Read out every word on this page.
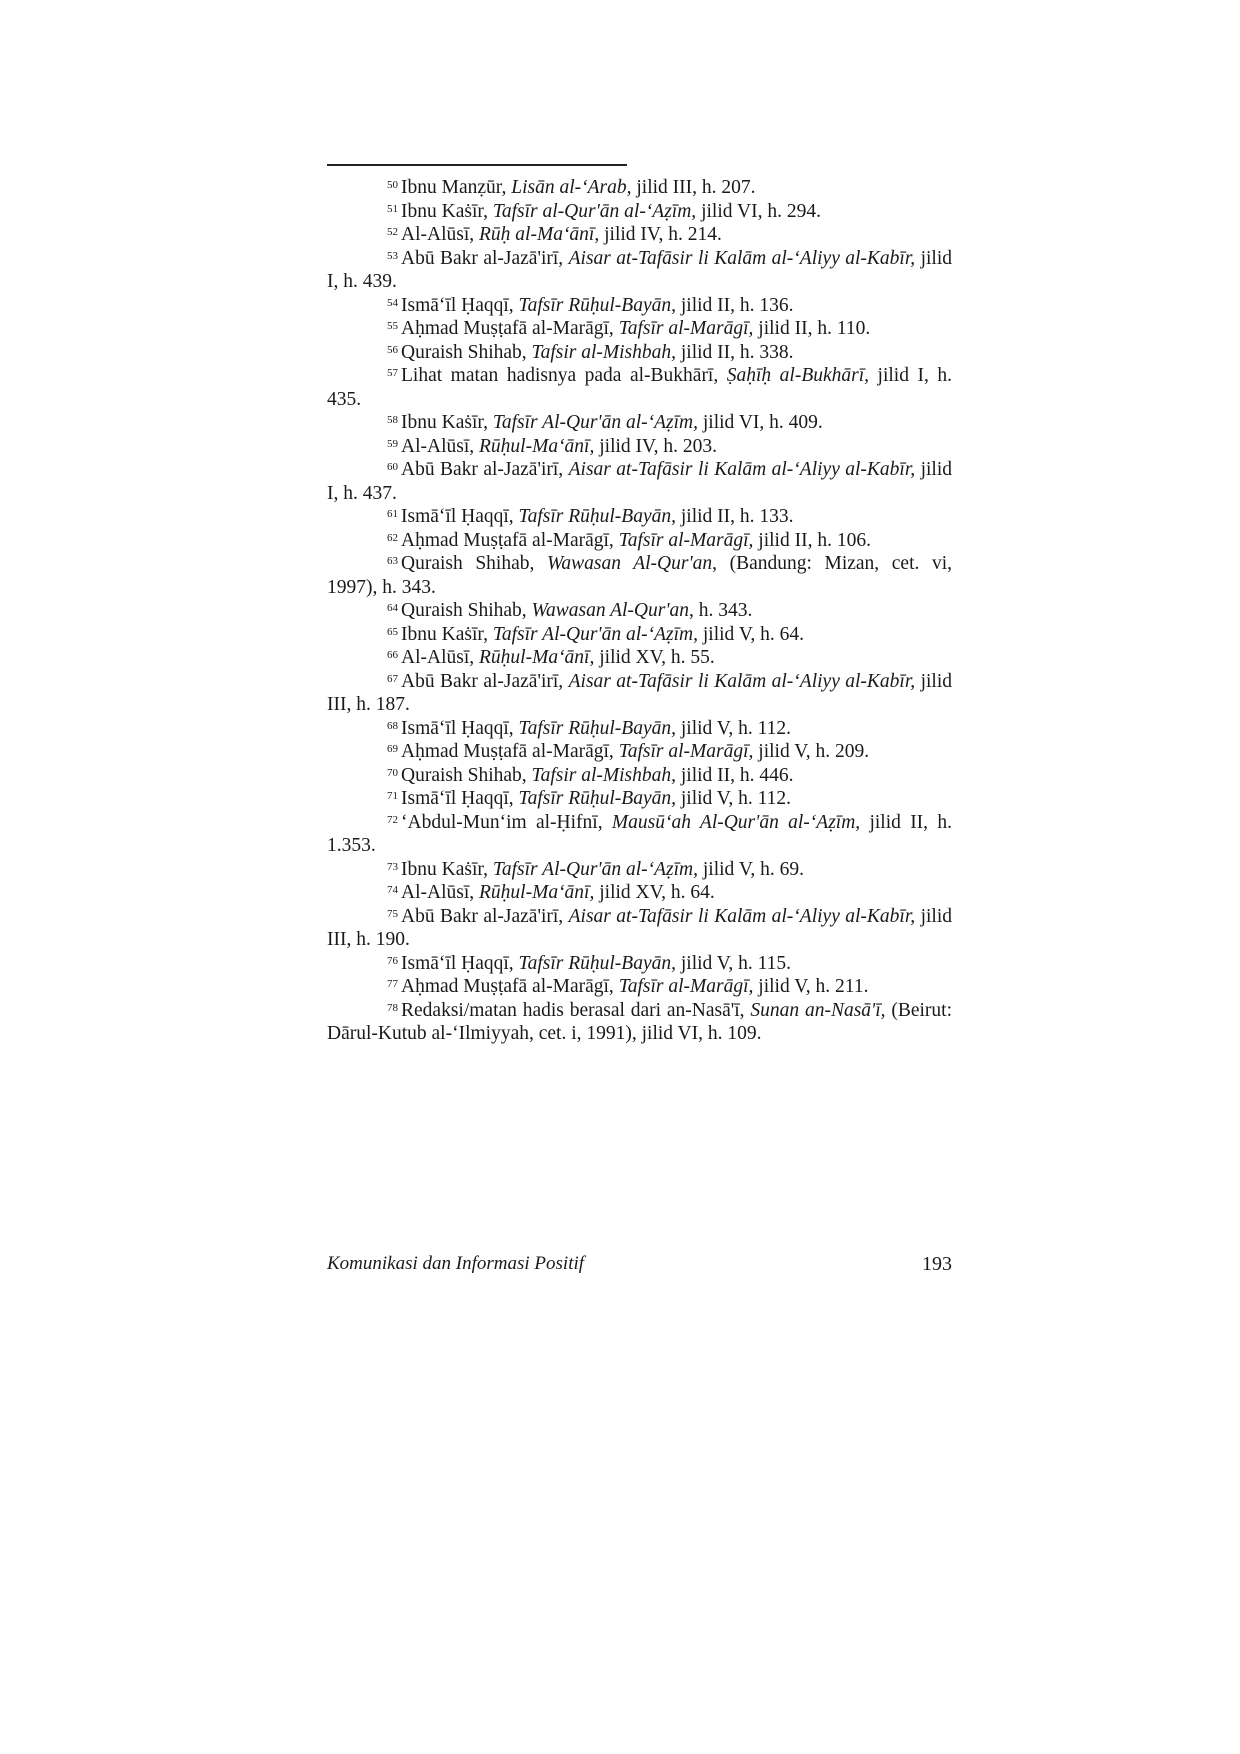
$^{50}$ Ibnu Manẓūr, Lisān al-‘Arab, jilid III, h. 207.

$^{51}$ Ibnu Kaṡīr, Tafsīr al-Qur'ān al-‘Aẓīm, jilid VI, h. 294.

$^{52}$ Al-Alūsī, Rūḥ al-Ma‘ānī, jilid IV, h. 214.

$^{53}$ Abū Bakr al-Jazā'irī, Aisar at-Tafāsir li Kalām al-‘Aliyy al-Kabīr, jilid I, h. 439.

$^{54}$ Ismā‘īl Ḥaqqī, Tafsīr Rūḥul-Bayān, jilid II, h. 136.

$^{55}$ Aḥmad Muṣṭafā al-Marāgī, Tafsīr al-Marāgī, jilid II, h. 110.

$^{56}$ Quraish Shihab, Tafsir al-Mishbah, jilid II, h. 338.

$^{57}$ Lihat matan hadisnya pada al-Bukhārī, Ṣaḥīḥ al-Bukhārī, jilid I, h. 435.

$^{58}$ Ibnu Kaṡīr, Tafsīr Al-Qur'ān al-‘Aẓīm, jilid VI, h. 409.

$^{59}$ Al-Alūsī, Rūḥul-Ma‘ānī, jilid IV, h. 203.

$^{60}$ Abū Bakr al-Jazā'irī, Aisar at-Tafāsir li Kalām al-‘Aliyy al-Kabīr, jilid I, h. 437.

$^{61}$ Ismā‘īl Ḥaqqī, Tafsīr Rūḥul-Bayān, jilid II, h. 133.

$^{62}$ Aḥmad Muṣṭafā al-Marāgī, Tafsīr al-Marāgī, jilid II, h. 106.

$^{63}$ Quraish Shihab, Wawasan Al-Qur'an, (Bandung: Mizan, cet. vi, 1997), h. 343.

$^{64}$ Quraish Shihab, Wawasan Al-Qur'an, h. 343.

$^{65}$ Ibnu Kaṡīr, Tafsīr Al-Qur'ān al-‘Aẓīm, jilid V, h. 64.

$^{66}$ Al-Alūsī, Rūḥul-Ma‘ānī, jilid XV, h. 55.

$^{67}$ Abū Bakr al-Jazā'irī, Aisar at-Tafāsir li Kalām al-‘Aliyy al-Kabīr, jilid III, h. 187.

$^{68}$ Ismā‘īl Ḥaqqī, Tafsīr Rūḥul-Bayān, jilid V, h. 112.

$^{69}$ Aḥmad Muṣṭafā al-Marāgī, Tafsīr al-Marāgī, jilid V, h. 209.

$^{70}$ Quraish Shihab, Tafsir al-Mishbah, jilid II, h. 446.

$^{71}$ Ismā‘īl Ḥaqqī, Tafsīr Rūḥul-Bayān, jilid V, h. 112.

$^{72}$ ‘Abdul-Mun‘im al-Ḥifnī, Mausū‘ah Al-Qur'ān al-‘Aẓīm, jilid II, h. 1.353.

$^{73}$ Ibnu Kaṡīr, Tafsīr Al-Qur'ān al-‘Aẓīm, jilid V, h. 69.

$^{74}$ Al-Alūsī, Rūḥul-Ma‘ānī, jilid XV, h. 64.

$^{75}$ Abū Bakr al-Jazā'irī, Aisar at-Tafāsir li Kalām al-‘Aliyy al-Kabīr, jilid III, h. 190.

$^{76}$ Ismā‘īl Ḥaqqī, Tafsīr Rūḥul-Bayān, jilid V, h. 115.

$^{77}$ Aḥmad Muṣṭafā al-Marāgī, Tafsīr al-Marāgī, jilid V, h. 211.

$^{78}$ Redaksi/matan hadis berasal dari an-Nasā'ī, Sunan an-Nasā'ī, (Beirut: Dārul-Kutub al-‘Ilmiyyah, cet. i, 1991), jilid VI, h. 109.

Komunikasi dan Informasi Positif	193
